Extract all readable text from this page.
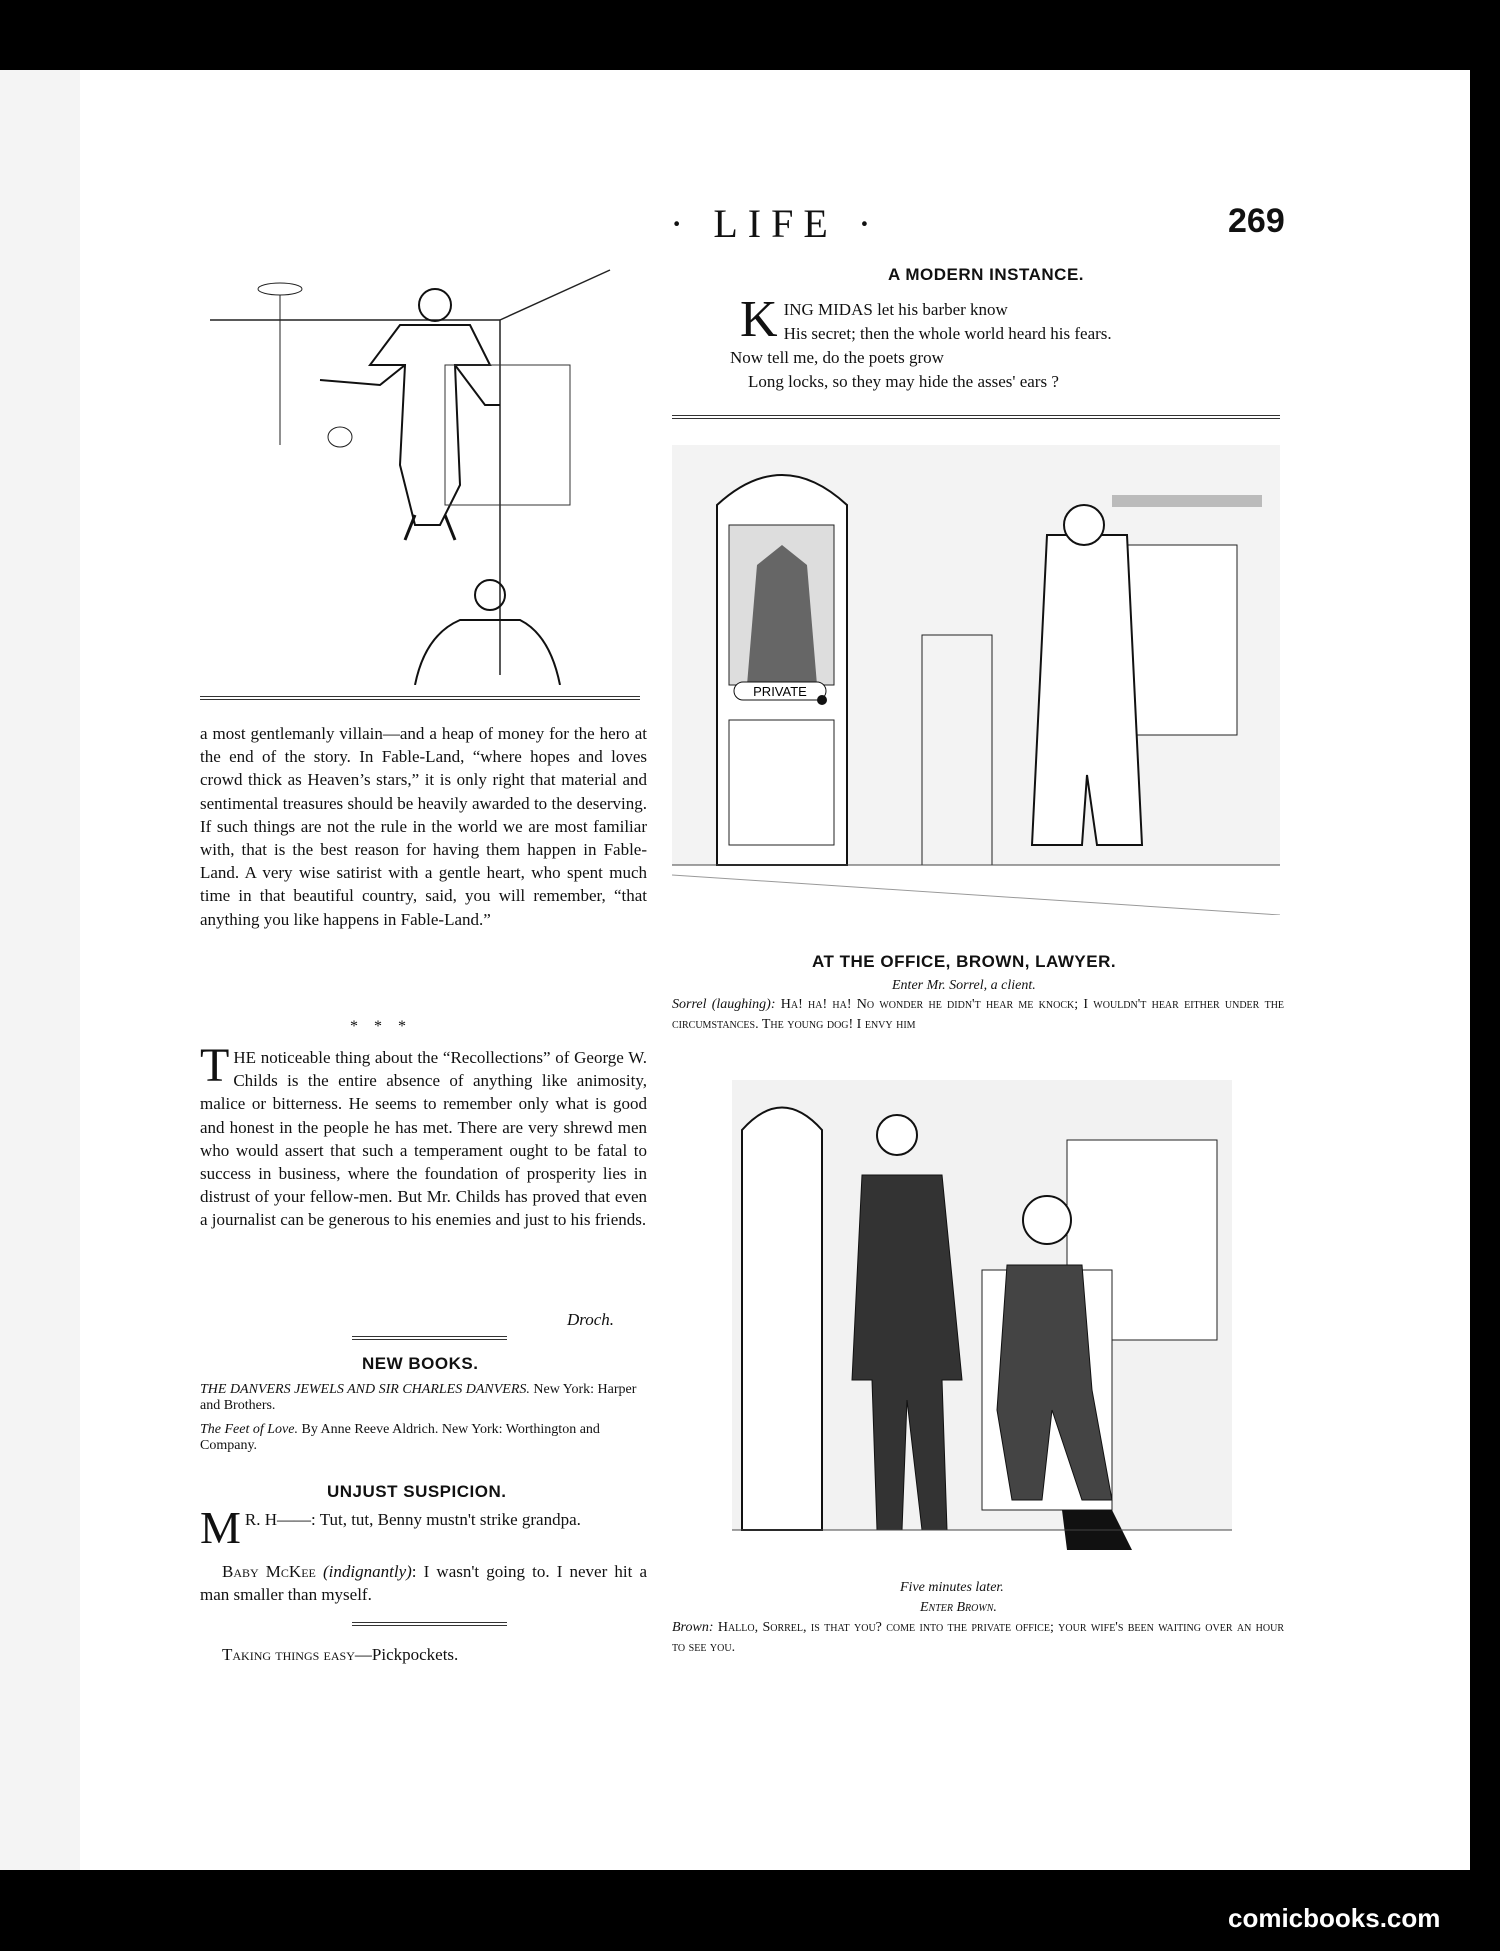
· LIFE ·	269
A MODERN INSTANCE.
K ING MIDAS let his barber know
His secret; then the whole world heard his fears.
Now tell me, do the poets grow
Long locks, so they may hide the asses' ears ?
a most gentlemanly villain—and a heap of money for the hero at the end of the story. In Fable-Land, “where hopes and loves crowd thick as Heaven’s stars,” it is only right that material and sentimental treasures should be heavily awarded to the deserving. If such things are not the rule in the world we are most familiar with, that is the best reason for having them happen in Fable-Land. A very wise satirist with a gentle heart, who spent much time in that beautiful country, said, you will remember, “that anything you like happens in Fable-Land.”
*    *    *
T HE noticeable thing about the “Recollections” of George W. Childs is the entire absence of anything like animosity, malice or bitterness. He seems to remember only what is good and honest in the people he has met. There are very shrewd men who would assert that such a temperament ought to be fatal to success in business, where the foundation of prosperity lies in distrust of your fellow-men. But Mr. Childs has proved that even a journalist can be generous to his enemies and just to his friends.
Droch.
NEW BOOKS.
THE DANVERS JEWELS AND SIR CHARLES DANVERS. New York: Harper and Brothers.
The Feet of Love. By Anne Reeve Aldrich. New York: Worthington and Company.
UNJUST SUSPICION.
M R. H——: Tut, tut, Benny mustn't strike grandpa.
Baby McKee (indignantly): I wasn't going to. I never hit a man smaller than myself.
Taking things easy—Pickpockets.
PRIVATE
AT THE OFFICE, BROWN, LAWYER.
Enter Mr. Sorrel, a client.
Sorrel (laughing): Ha! ha! ha! No wonder he didn't hear me knock; I wouldn't hear either under the circumstances. The young dog! I envy him
Five minutes later.
Enter Brown.
Brown: Hallo, Sorrel, is that you? come into the private office; your wife's been waiting over an hour to see you.
comicbooks.com
